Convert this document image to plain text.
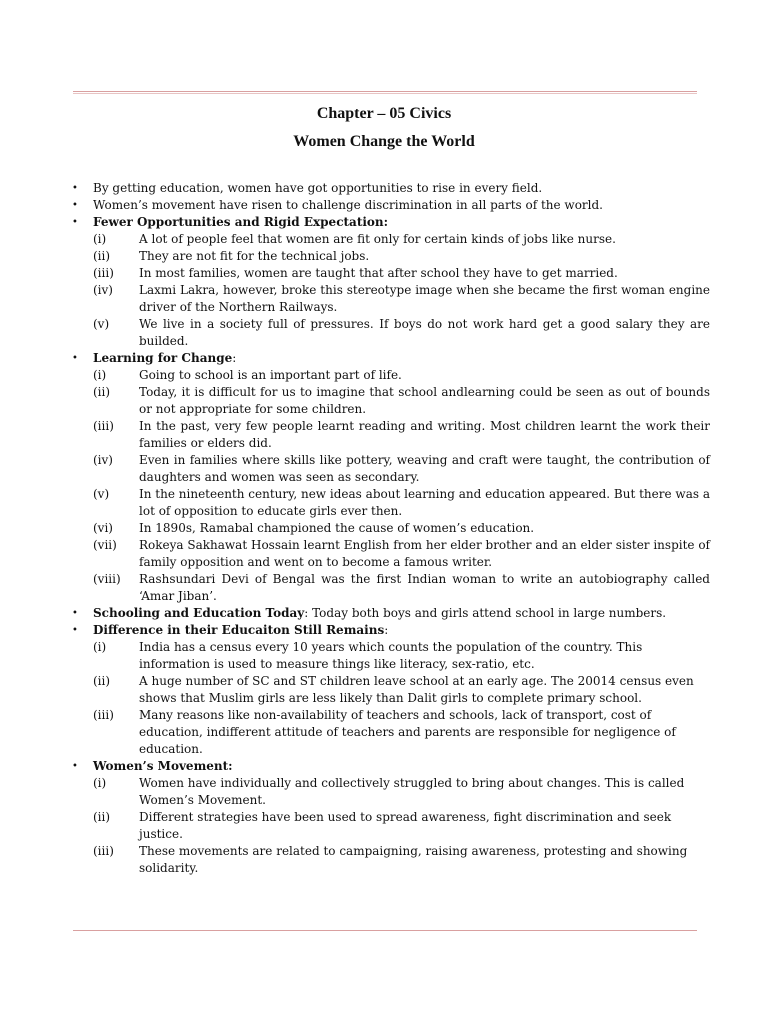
Chapter – 05 Civics
Women Change the World
•	By getting education, women have got opportunities to rise in every field.
•	Women’s movement have risen to challenge discrimination in all parts of the world.
•	Fewer Opportunities and Rigid Expectation:
(i)	A lot of people feel that women are fit only for certain kinds of jobs like nurse.
(ii) They are not fit for the technical jobs.
(iii) In most families, women are taught that after school they have to get married.
(iv) Laxmi Lakra, however, broke this stereotype image when she became the first woman engine driver of the Northern Railways.
(v) We live in a society full of pressures. If boys do not work hard get a good salary they are builded.
•	Learning for Change:
(i)	Going to school is an important part of life.
(ii) Today, it is difficult for us to imagine that school andlearning could be seen as out of bounds or not appropriate for some children.
(iii) In the past, very few people learnt reading and writing. Most children learnt the work their families or elders did.
(iv) Even in families where skills like pottery, weaving and craft were taught, the contribution of daughters and women was seen as secondary.
(v) In the nineteenth century, new ideas about learning and education appeared. But there was a lot of opposition to educate girls ever then.
(vi) In 1890s, Ramabal championed the cause of women’s education.
(vii) Rokeya Sakhawat Hossain learnt English from her elder brother and an elder sister inspite of family opposition and went on to become a famous writer.
(viii) Rashsundari Devi of Bengal was the first Indian woman to write an autobiography called ‘Amar Jiban’.
•	Schooling and Education Today: Today both boys and girls attend school in large numbers.
•	Difference in their Educaiton Still Remains:
(i)	India has a census every 10 years which counts the population of the country. This information is used to measure things like literacy, sex-ratio, etc.
(ii) A huge number of SC and ST children leave school at an early age. The 20014 census even shows that Muslim girls are less likely than Dalit girls to complete primary school.
(iii) Many reasons like non-availability of teachers and schools, lack of transport, cost of education, indifferent attitude of teachers and parents are responsible for negligence of education.
•	Women’s Movement:
(i)	Women have individually and collectively struggled to bring about changes. This is called Women’s Movement.
(ii) Different strategies have been used to spread awareness, fight discrimination and seek justice.
(iii) These movements are related to campaigning, raising awareness, protesting and showing solidarity.
